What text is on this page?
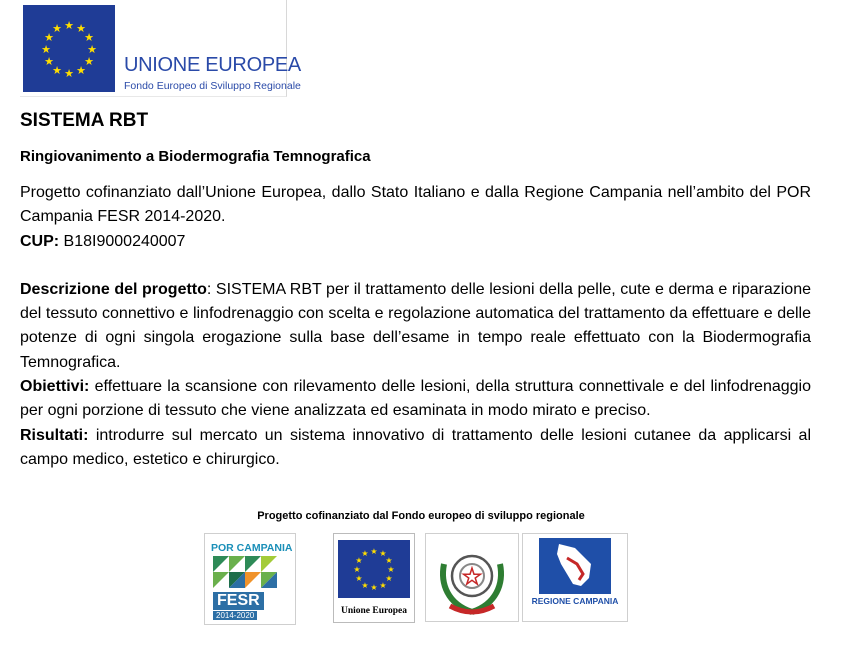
★ ★
★
★
★
★
★
★
★
★
★
★
UNIONE EUROPEA
Fondo Europeo di Sviluppo Regionale
SISTEMA RBT
Ringiovanimento a Biodermografia Temnografica

Progetto cofinanziato dall’Unione Europea, dallo Stato Italiano e dalla Regione Campania nell’ambito del POR Campania FESR 2014-2020.

CUP: B18I9000240007

Descrizione del progetto: SISTEMA RBT per il trattamento delle lesioni della pelle, cute e derma e riparazione del tessuto connettivo e linfodrenaggio con scelta e regolazione automatica del trattamento da effettuare e delle potenze di ogni singola erogazione sulla base dell’esame in tempo reale effettuato con la Biodermografia Temnografica.

Obiettivi: effettuare la scansione con rilevamento delle lesioni, della struttura connettivale e del linfodrenaggio per ogni porzione di tessuto che viene analizzata ed esaminata in modo mirato e preciso.

Risultati: introdurre sul mercato un sistema innovativo di trattamento delle lesioni cutanee da applicarsi al campo medico, estetico e chirurgico.

Progetto cofinanziato dal Fondo europeo di sviluppo regionale
POR CAMPANIA
FESR
2014-2020
★ ★
★
★
★
★
★
★
★
★
★
★
Unione Europea
★
REGIONE CAMPANIA
